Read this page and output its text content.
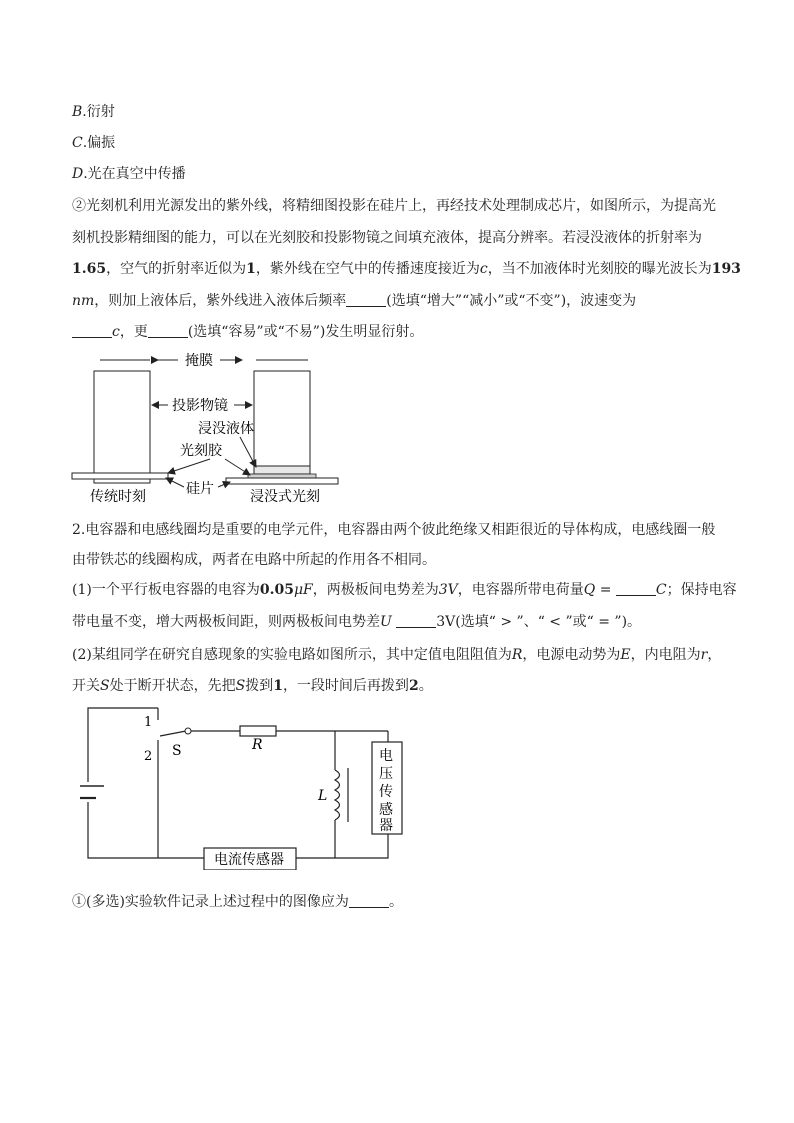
B.衍射
C.偏振
D.光在真空中传播
②光刻机利用光源发出的紫外线，将精细图投影在硅片上，再经技术处理制成芯片，如图所示，为提高光
刻机投影精细图的能力，可以在光刻胶和投影物镜之间填充液体，提高分辨率。若浸没液体的折射率为
1.65，空气的折射率近似为1，紫外线在空气中的传播速度接近为c，当不加液体时光刻胶的曝光波长为193
nm，则加上液体后，紫外线进入液体后频率	(选填“增大”“减小”或“不变”)，波速变为
c，更	(选填“容易”或“不易”)发生明显衍射。
掩膜
投影物镜
浸没液体
光刻胶
硅片
传统时刻	浸没式光刻
2.电容器和电感线圈均是重要的电学元件，电容器由两个彼此绝缘又相距很近的导体构成，电感线圈一般
由带铁芯的线圈构成，两者在电路中所起的作用各不相同。
(1)一个平行板电容器的电容为0.05μF，两极板间电势差为3V，电容器所带电荷量Q =	C；保持电容
带电量不变，增大两极板间距，则两极板间电势差U	3V(选填“ > ”、“ < ”或“ = ”)。
(2)某组同学在研究自感现象的实验电路如图所示，其中定值电阻阻值为R，电源电动势为E，内电阻为r，
开关S处于断开状态，先把S拨到1，一段时间后再拨到2。
1
2 S	R
L
电
压
传
感
器
电流传感器
①(多选)实验软件记录上述过程中的图像应为	。
